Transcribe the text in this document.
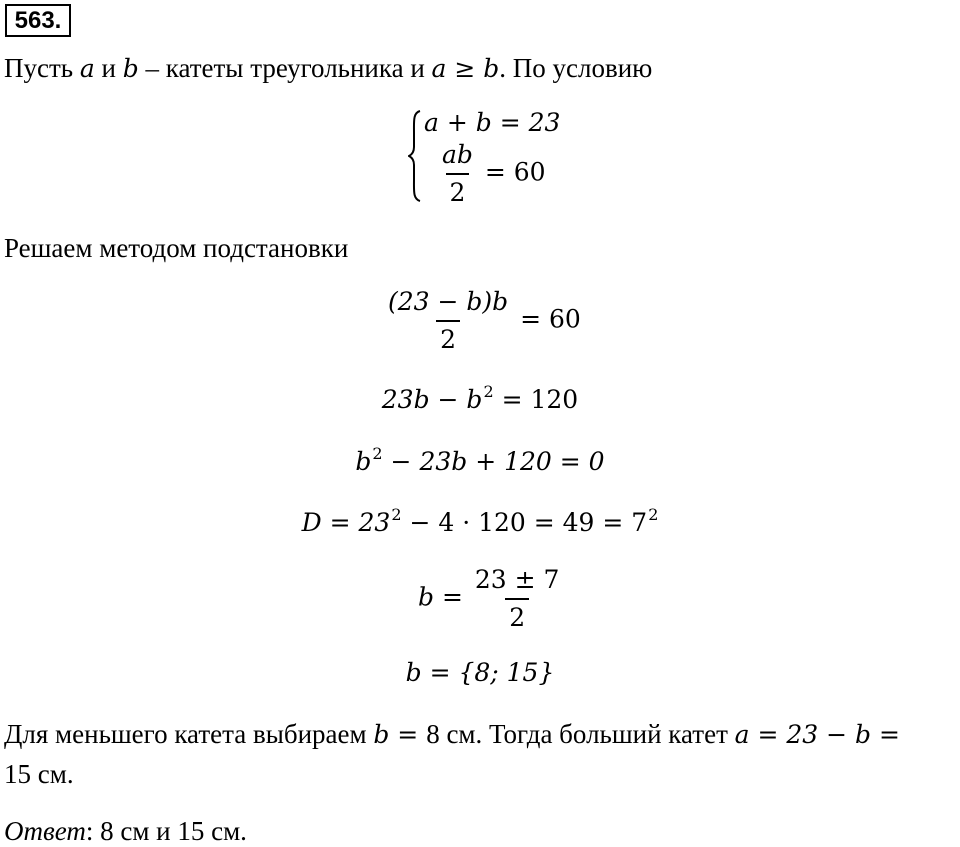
563.
Пусть a и b – катеты треугольника и a ≥ b. По условию
a + b = 23
$\frac{ab}{2} = 60$
Решаем методом подстановки
$\frac{(23 - b)b}{2} = 60$
$23b - b^2 = 120$
$b^2 - 23b + 120 = 0$
$D = 23^2 - 4 \cdot 120 = 49 = 7^2$
$b = \frac{23 \pm 7}{2}$
b = {8; 15}
Для меньшего катета выбираем b = 8 см. Тогда больший катет a = 23 − b =
15 см.
Ответ: 8 см и 15 см.
